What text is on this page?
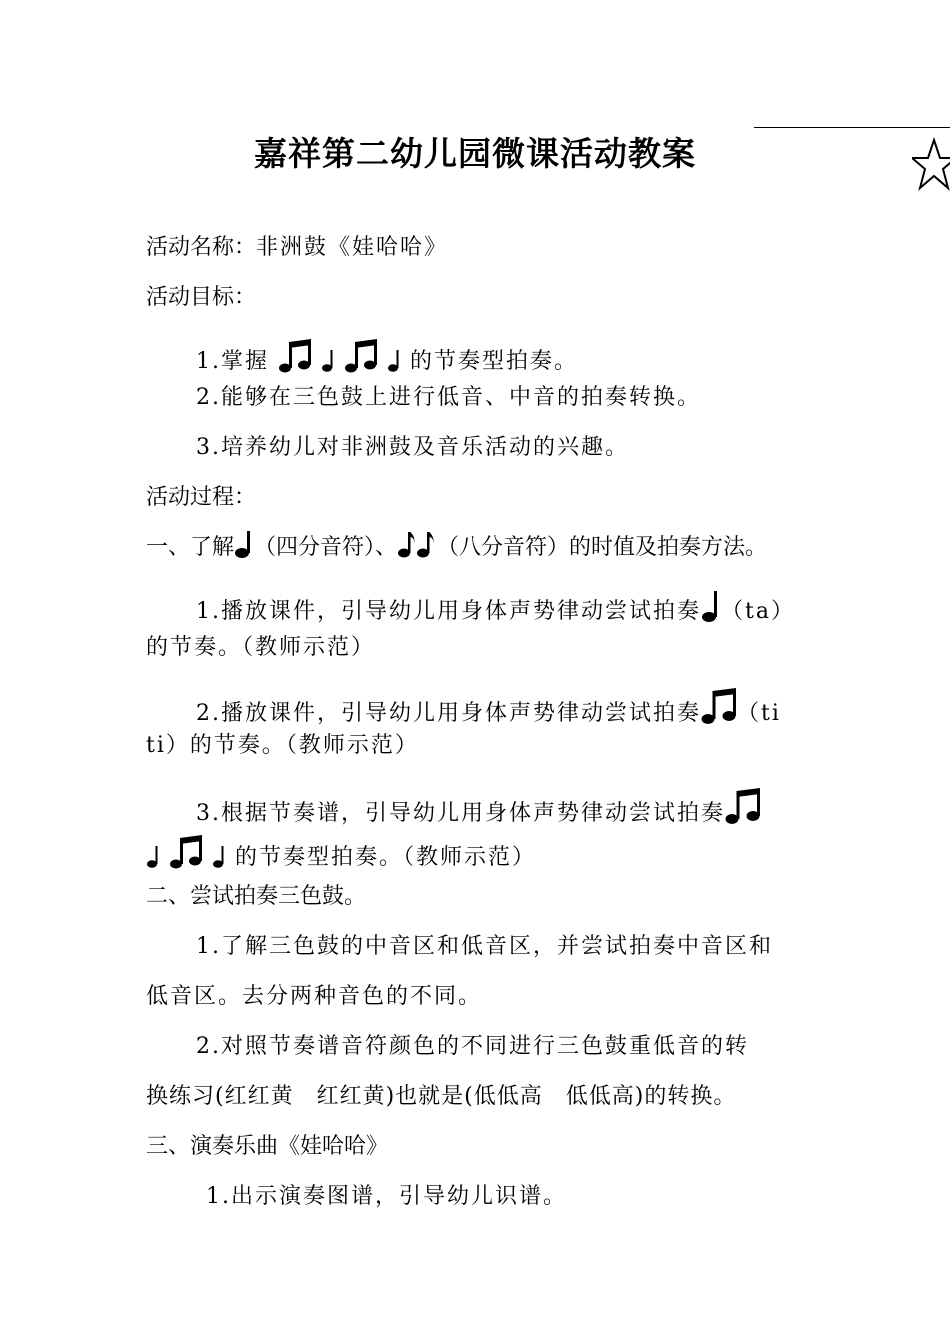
嘉祥第二幼儿园微课活动教案
活动名称：非洲鼓《娃哈哈》
活动目标：
1.掌握

	的节奏型拍奏。
2.能够在三色鼓上进行低音、中音的拍奏转换。
3.培养幼儿对非洲鼓及音乐活动的兴趣。
活动过程：
一、了解 （四分音符）、 （八分音符）的时值及拍奏方法。
1.播放课件，引导幼儿用身体声势律动尝试拍奏 （ta）
的节奏。（教师示范）
2.播放课件，引导幼儿用身体声势律动尝试拍奏 （ti
ti）的节奏。（教师示范）
3.根据节奏谱，引导幼儿用身体声势律动尝试拍奏

的节奏型拍奏。（教师示范）
二、尝试拍奏三色鼓。
1.了解三色鼓的中音区和低音区，并尝试拍奏中音区和
低音区。去分两种音色的不同。
2.对照节奏谱音符颜色的不同进行三色鼓重低音的转
换练习(红红黄　红红黄)也就是(低低高　低低高)的转换。
三、演奏乐曲《娃哈哈》
1.出示演奏图谱，引导幼儿识谱。
